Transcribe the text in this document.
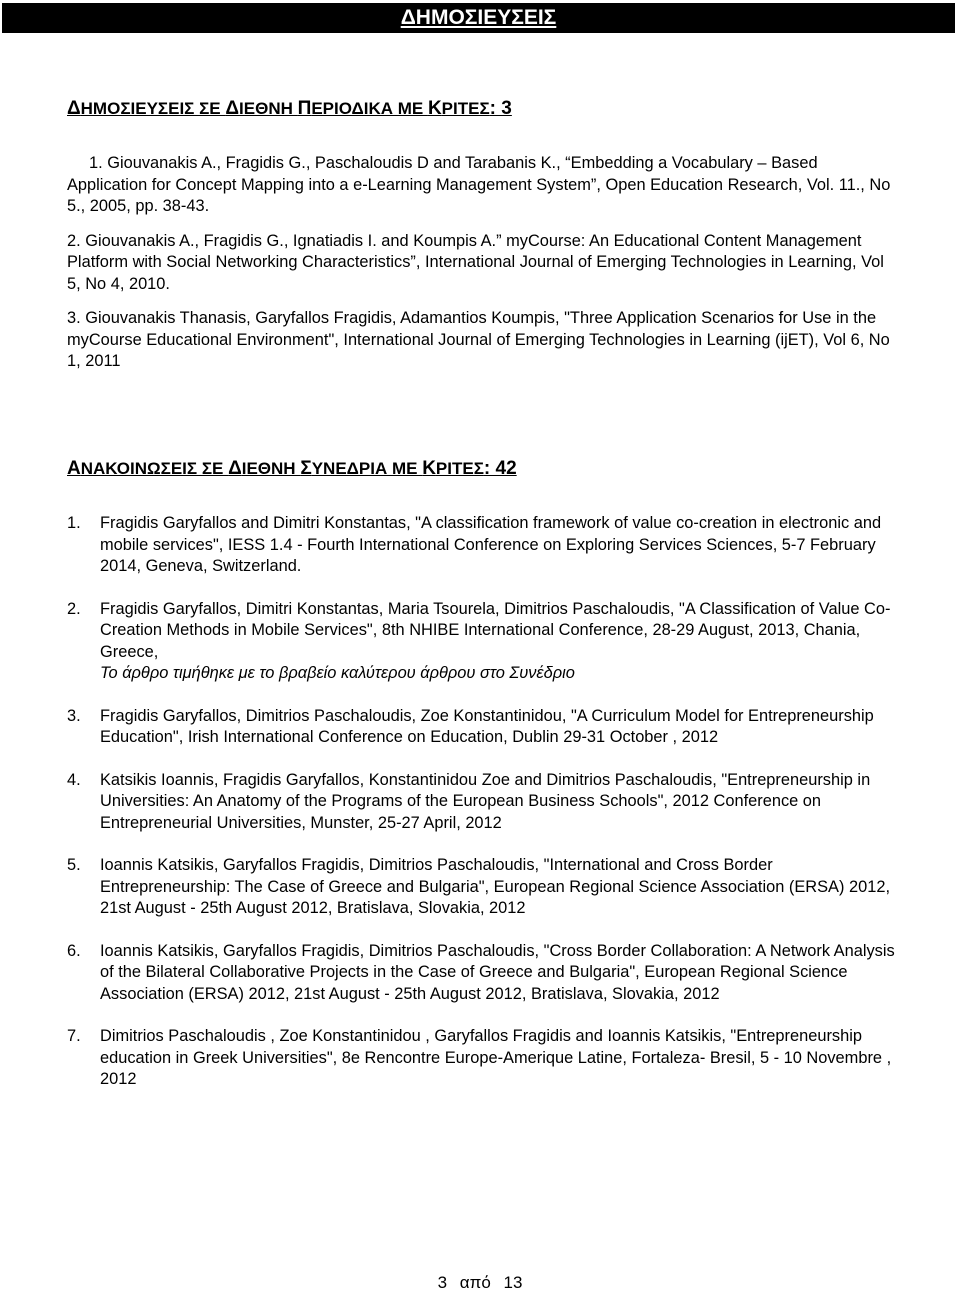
ΔΗΜΟΣΙΕΥΣΕΙΣ
ΔΗΜΟΣΙΕΥΣΕΙΣ ΣΕ ΔΙΕΘΝΗ ΠΕΡΙΟΔΙΚΑ ΜΕ ΚΡΙΤΕΣ: 3

1. Giouvanakis A., Fragidis G., Paschaloudis D and Tarabanis K., “Embedding a Vocabulary – Based Application for Concept Mapping into a e-Learning Management System”, Open Education Research, Vol. 11., No 5., 2005, pp. 38-43.

2. Giouvanakis A., Fragidis G., Ignatiadis I. and Koumpis A.” myCourse: An Educational Content Management Platform with Social Networking Characteristics”, International Journal of Emerging Technologies in Learning, Vol 5, No 4, 2010.

3. Giouvanakis Thanasis, Garyfallos Fragidis, Adamantios Koumpis, "Three Application Scenarios for Use in the myCourse Educational Environment", International Journal of Emerging Technologies in Learning (ijET), Vol 6, No 1, 2011

ΑΝΑΚΟΙΝΩΣΕΙΣ ΣΕ ΔΙΕΘΝΗ ΣΥΝΕΔΡΙΑ ΜΕ ΚΡΙΤΕΣ: 42
1.	Fragidis Garyfallos and Dimitri Konstantas, "A classification framework of value co-creation in electronic and mobile services", IESS 1.4 - Fourth International Conference on Exploring Services Sciences, 5-7 February 2014, Geneva, Switzerland.
2.	Fragidis Garyfallos, Dimitri Konstantas, Maria Tsourela, Dimitrios Paschaloudis, "A Classification of Value Co-Creation Methods in Mobile Services", 8th NHIBE International Conference, 28-29 August, 2013, Chania, Greece,
Το άρθρο τιμήθηκε με το βραβείο καλύτερου άρθρου στο Συνέδριο
3.	Fragidis Garyfallos, Dimitrios Paschaloudis, Zoe Konstantinidou, "A Curriculum Model for Entrepreneurship Education", Irish International Conference on Education, Dublin 29-31 October , 2012
4.	Katsikis Ioannis, Fragidis Garyfallos, Konstantinidou Zoe and Dimitrios Paschaloudis, "Entrepreneurship in Universities: An Anatomy of the Programs of the European Business Schools", 2012 Conference on Entrepreneurial Universities, Munster, 25-27 April, 2012
5.	Ioannis Katsikis, Garyfallos Fragidis, Dimitrios Paschaloudis, "International and Cross Border Entrepreneurship: The Case of Greece and Bulgaria", European Regional Science Association (ERSA) 2012, 21st August - 25th August 2012, Bratislava, Slovakia, 2012
6.	Ioannis Katsikis, Garyfallos Fragidis, Dimitrios Paschaloudis, "Cross Border Collaboration: A Network Analysis of the Bilateral Collaborative Projects in the Case of Greece and Bulgaria", European Regional Science Association (ERSA) 2012, 21st August - 25th August 2012, Bratislava, Slovakia, 2012
7.	Dimitrios Paschaloudis , Zoe Konstantinidou , Garyfallos Fragidis and Ioannis Katsikis, "Entrepreneurship education in Greek Universities", 8e Rencontre Europe-Amerique Latine, Fortaleza- Bresil, 5 - 10 Novembre , 2012
3 από 13
